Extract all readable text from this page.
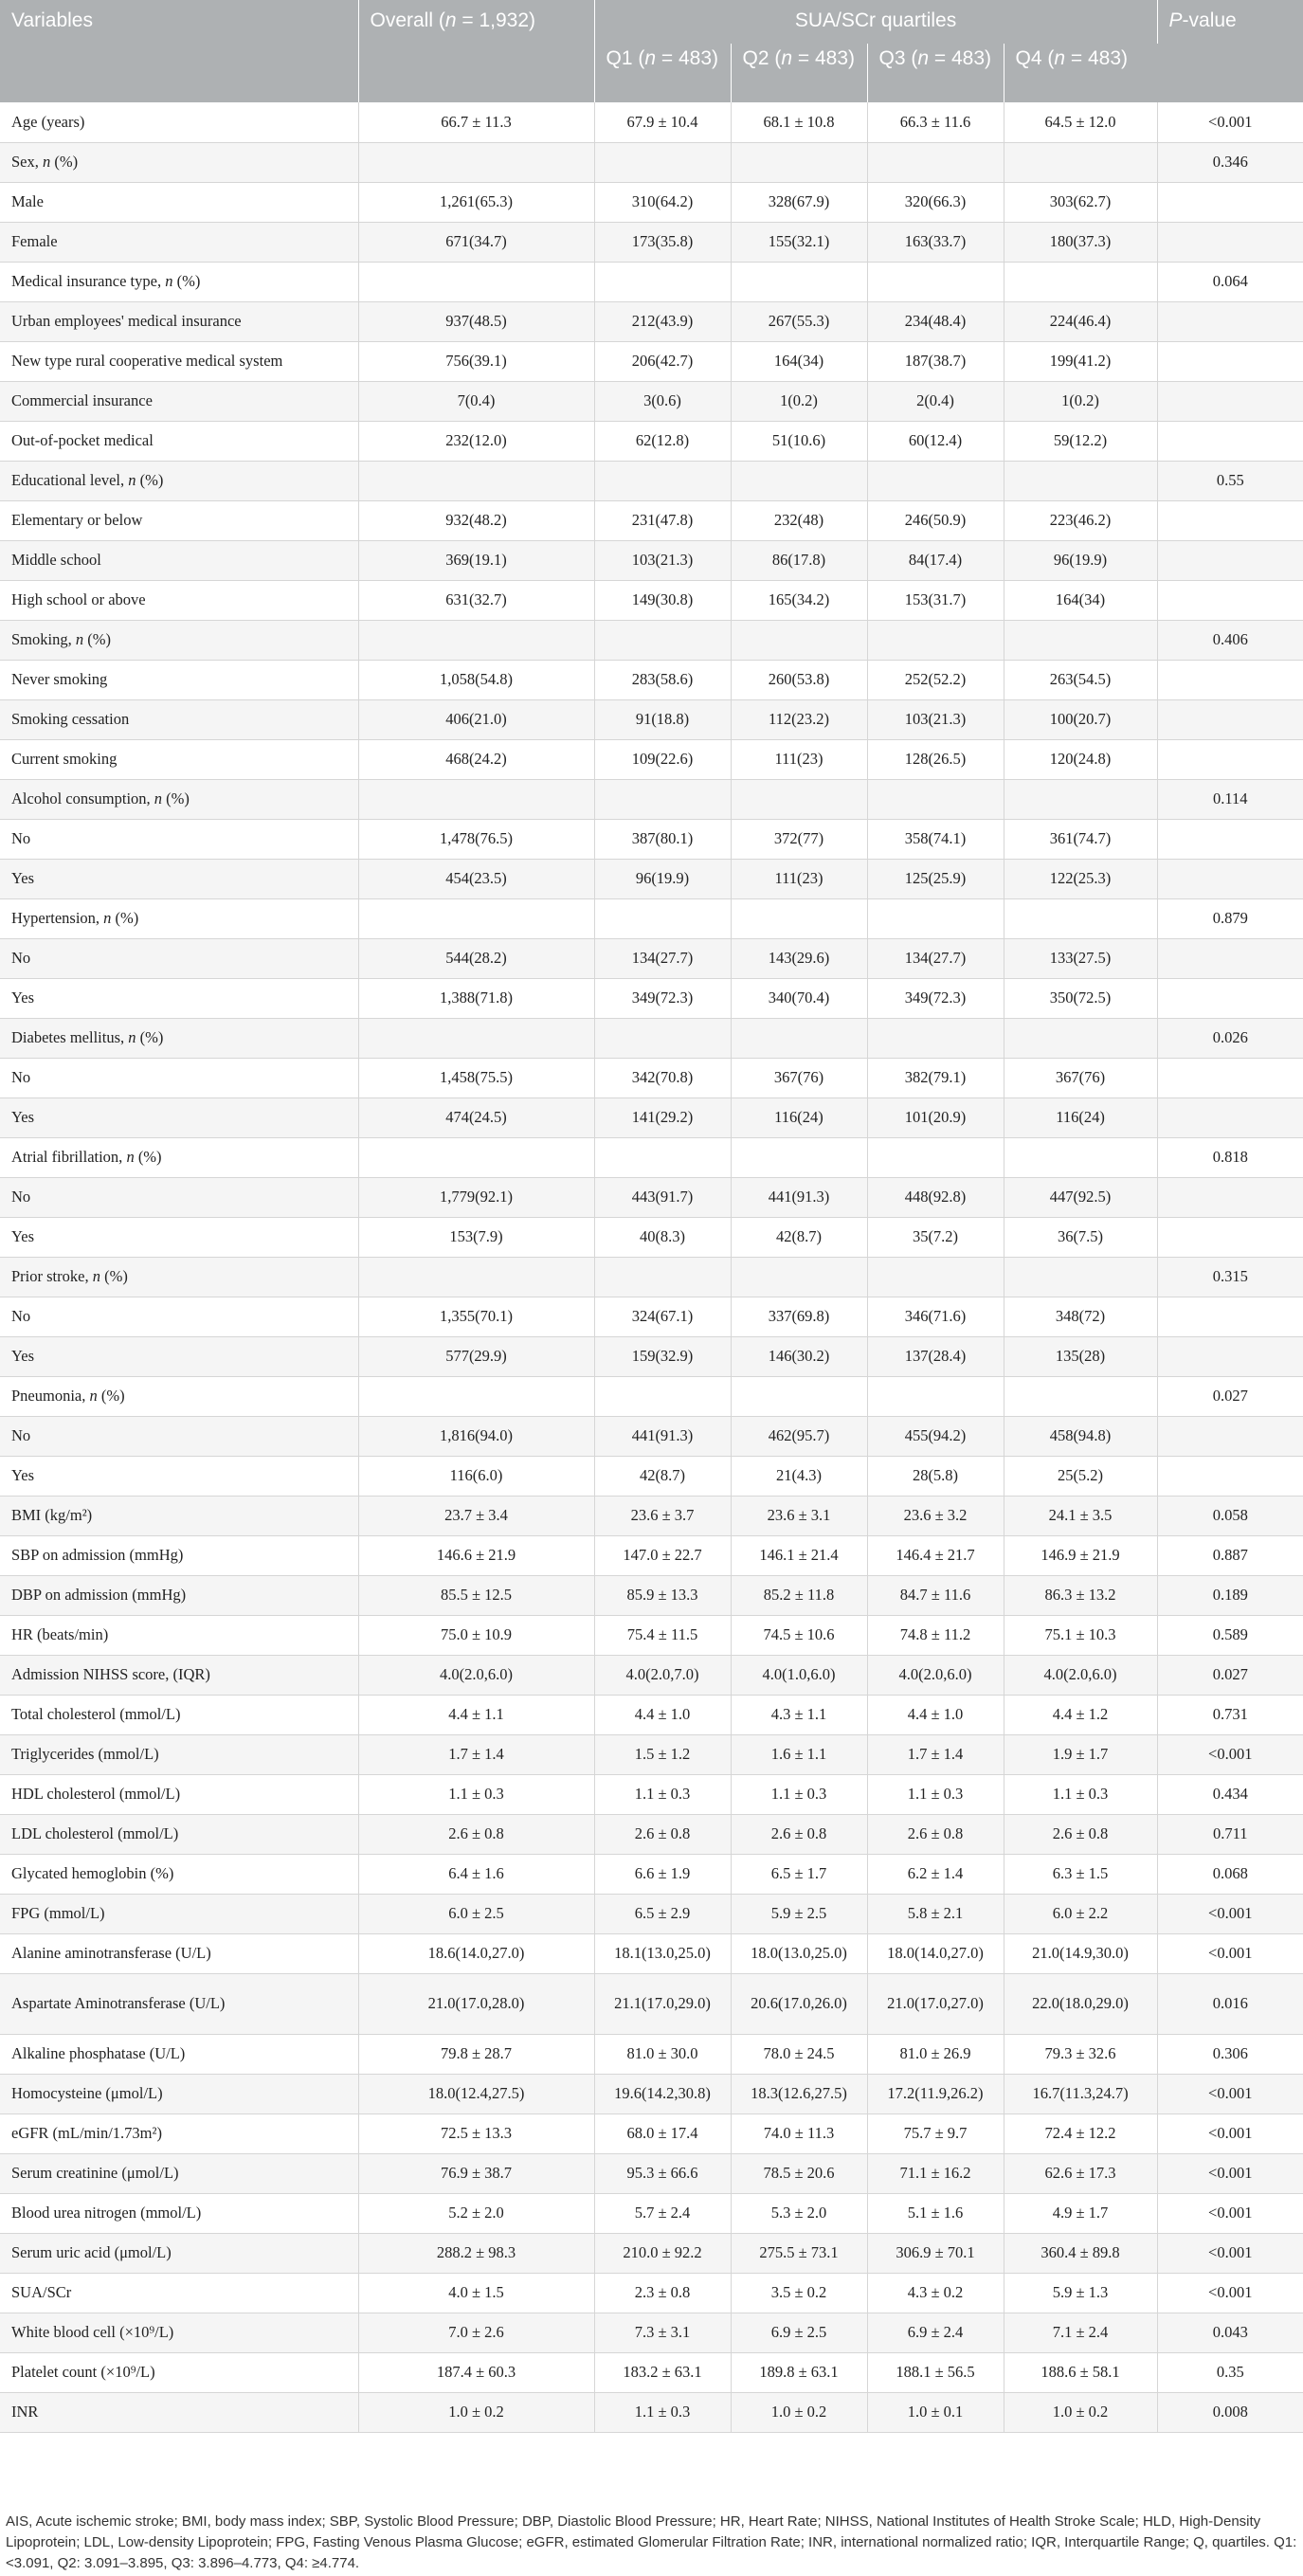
Variables	Overall (n = 1,932)	SUA/SCr quartiles				P-value
		Q1 (n = 483)	Q2 (n = 483)	Q3 (n = 483)	Q4 (n = 483)	
Age (years)	66.7 ± 11.3	67.9 ± 10.4	68.1 ± 10.8	66.3 ± 11.6	64.5 ± 12.0	<0.001
Sex, n (%)						0.346
Male	1,261(65.3)	310(64.2)	328(67.9)	320(66.3)	303(62.7)	
Female	671(34.7)	173(35.8)	155(32.1)	163(33.7)	180(37.3)	
Medical insurance type, n (%)						0.064
Urban employees' medical insurance	937(48.5)	212(43.9)	267(55.3)	234(48.4)	224(46.4)	
New type rural cooperative medical system	756(39.1)	206(42.7)	164(34)	187(38.7)	199(41.2)	
Commercial insurance	7(0.4)	3(0.6)	1(0.2)	2(0.4)	1(0.2)	
Out-of-pocket medical	232(12.0)	62(12.8)	51(10.6)	60(12.4)	59(12.2)	
Educational level, n (%)						0.55
Elementary or below	932(48.2)	231(47.8)	232(48)	246(50.9)	223(46.2)	
Middle school	369(19.1)	103(21.3)	86(17.8)	84(17.4)	96(19.9)	
High school or above	631(32.7)	149(30.8)	165(34.2)	153(31.7)	164(34)	
Smoking, n (%)						0.406
Never smoking	1,058(54.8)	283(58.6)	260(53.8)	252(52.2)	263(54.5)	
Smoking cessation	406(21.0)	91(18.8)	112(23.2)	103(21.3)	100(20.7)	
Current smoking	468(24.2)	109(22.6)	111(23)	128(26.5)	120(24.8)	
Alcohol consumption, n (%)						0.114
No	1,478(76.5)	387(80.1)	372(77)	358(74.1)	361(74.7)	
Yes	454(23.5)	96(19.9)	111(23)	125(25.9)	122(25.3)	
Hypertension, n (%)						0.879
No	544(28.2)	134(27.7)	143(29.6)	134(27.7)	133(27.5)	
Yes	1,388(71.8)	349(72.3)	340(70.4)	349(72.3)	350(72.5)	
Diabetes mellitus, n (%)						0.026
No	1,458(75.5)	342(70.8)	367(76)	382(79.1)	367(76)	
Yes	474(24.5)	141(29.2)	116(24)	101(20.9)	116(24)	
Atrial fibrillation, n (%)						0.818
No	1,779(92.1)	443(91.7)	441(91.3)	448(92.8)	447(92.5)	
Yes	153(7.9)	40(8.3)	42(8.7)	35(7.2)	36(7.5)	
Prior stroke, n (%)						0.315
No	1,355(70.1)	324(67.1)	337(69.8)	346(71.6)	348(72)	
Yes	577(29.9)	159(32.9)	146(30.2)	137(28.4)	135(28)	
Pneumonia, n (%)						0.027
No	1,816(94.0)	441(91.3)	462(95.7)	455(94.2)	458(94.8)	
Yes	116(6.0)	42(8.7)	21(4.3)	28(5.8)	25(5.2)	
BMI (kg/m²)	23.7 ± 3.4	23.6 ± 3.7	23.6 ± 3.1	23.6 ± 3.2	24.1 ± 3.5	0.058
SBP on admission (mmHg)	146.6 ± 21.9	147.0 ± 22.7	146.1 ± 21.4	146.4 ± 21.7	146.9 ± 21.9	0.887
DBP on admission (mmHg)	85.5 ± 12.5	85.9 ± 13.3	85.2 ± 11.8	84.7 ± 11.6	86.3 ± 13.2	0.189
HR (beats/min)	75.0 ± 10.9	75.4 ± 11.5	74.5 ± 10.6	74.8 ± 11.2	75.1 ± 10.3	0.589
Admission NIHSS score, (IQR)	4.0(2.0,6.0)	4.0(2.0,7.0)	4.0(1.0,6.0)	4.0(2.0,6.0)	4.0(2.0,6.0)	0.027
Total cholesterol (mmol/L)	4.4 ± 1.1	4.4 ± 1.0	4.3 ± 1.1	4.4 ± 1.0	4.4 ± 1.2	0.731
Triglycerides (mmol/L)	1.7 ± 1.4	1.5 ± 1.2	1.6 ± 1.1	1.7 ± 1.4	1.9 ± 1.7	<0.001
HDL cholesterol (mmol/L)	1.1 ± 0.3	1.1 ± 0.3	1.1 ± 0.3	1.1 ± 0.3	1.1 ± 0.3	0.434
LDL cholesterol (mmol/L)	2.6 ± 0.8	2.6 ± 0.8	2.6 ± 0.8	2.6 ± 0.8	2.6 ± 0.8	0.711
Glycated hemoglobin (%)	6.4 ± 1.6	6.6 ± 1.9	6.5 ± 1.7	6.2 ± 1.4	6.3 ± 1.5	0.068
FPG (mmol/L)	6.0 ± 2.5	6.5 ± 2.9	5.9 ± 2.5	5.8 ± 2.1	6.0 ± 2.2	<0.001
Alanine aminotransferase (U/L)	18.6(14.0,27.0)	18.1(13.0,25.0)	18.0(13.0,25.0)	18.0(14.0,27.0)	21.0(14.9,30.0)	<0.001
Aspartate Aminotransferase (U/L)	21.0(17.0,28.0)	21.1(17.0,29.0)	20.6(17.0,26.0)	21.0(17.0,27.0)	22.0(18.0,29.0)	0.016
Alkaline phosphatase (U/L)	79.8 ± 28.7	81.0 ± 30.0	78.0 ± 24.5	81.0 ± 26.9	79.3 ± 32.6	0.306
Homocysteine (μmol/L)	18.0(12.4,27.5)	19.6(14.2,30.8)	18.3(12.6,27.5)	17.2(11.9,26.2)	16.7(11.3,24.7)	<0.001
eGFR (mL/min/1.73m²)	72.5 ± 13.3	68.0 ± 17.4	74.0 ± 11.3	75.7 ± 9.7	72.4 ± 12.2	<0.001
Serum creatinine (μmol/L)	76.9 ± 38.7	95.3 ± 66.6	78.5 ± 20.6	71.1 ± 16.2	62.6 ± 17.3	<0.001
Blood urea nitrogen (mmol/L)	5.2 ± 2.0	5.7 ± 2.4	5.3 ± 2.0	5.1 ± 1.6	4.9 ± 1.7	<0.001
Serum uric acid (μmol/L)	288.2 ± 98.3	210.0 ± 92.2	275.5 ± 73.1	306.9 ± 70.1	360.4 ± 89.8	<0.001
SUA/SCr	4.0 ± 1.5	2.3 ± 0.8	3.5 ± 0.2	4.3 ± 0.2	5.9 ± 1.3	<0.001
White blood cell (×10⁹/L)	7.0 ± 2.6	7.3 ± 3.1	6.9 ± 2.5	6.9 ± 2.4	7.1 ± 2.4	0.043
Platelet count (×10⁹/L)	187.4 ± 60.3	183.2 ± 63.1	189.8 ± 63.1	188.1 ± 56.5	188.6 ± 58.1	0.35
INR	1.0 ± 0.2	1.1 ± 0.3	1.0 ± 0.2	1.0 ± 0.1	1.0 ± 0.2	0.008
AIS, Acute ischemic stroke; BMI, body mass index; SBP, Systolic Blood Pressure; DBP, Diastolic Blood Pressure; HR, Heart Rate; NIHSS, National Institutes of Health Stroke Scale; HLD, High-Density Lipoprotein; LDL, Low-density Lipoprotein; FPG, Fasting Venous Plasma Glucose; eGFR, estimated Glomerular Filtration Rate; INR, international normalized ratio; IQR, Interquartile Range; Q, quartiles. Q1: <3.091, Q2: 3.091–3.895, Q3: 3.896–4.773, Q4: ≥4.774.
